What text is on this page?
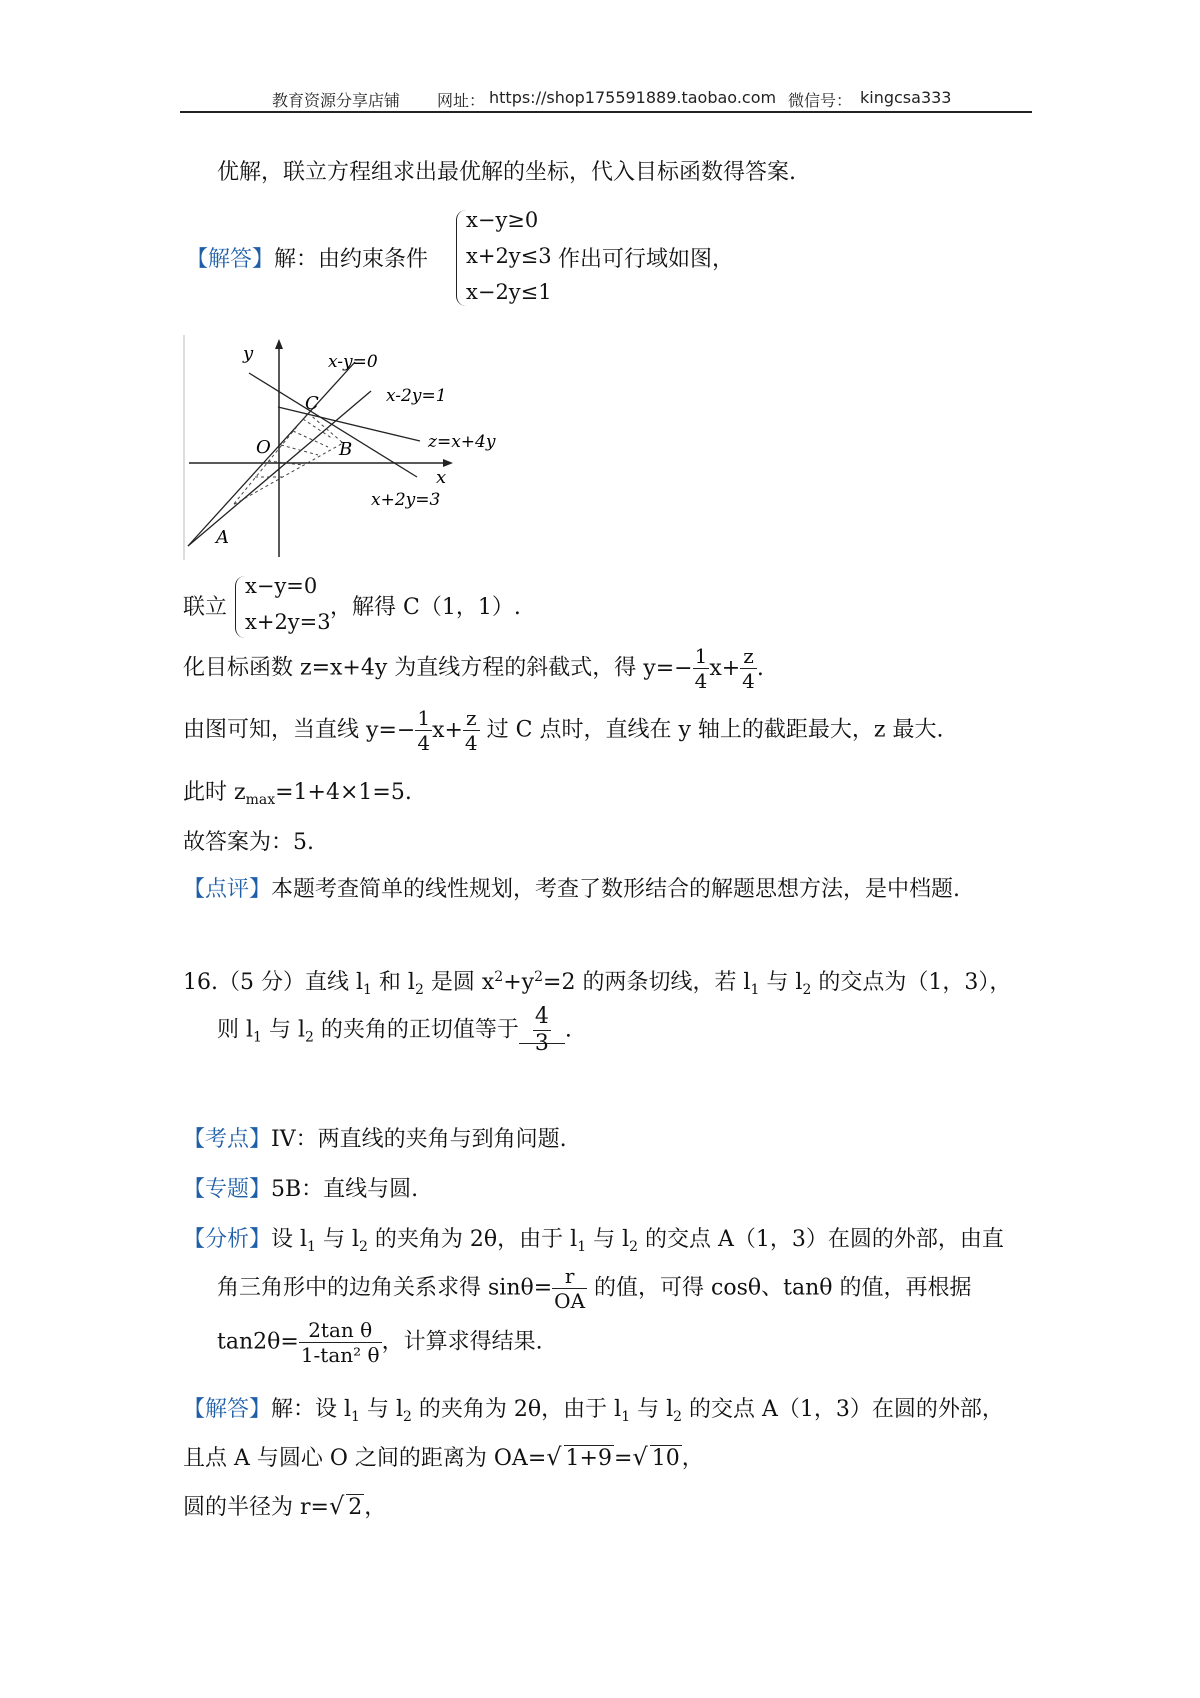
教育资源分享店铺 网址： https://shop175591889.taobao.com 微信号： kingcsa333
优解，联立方程组求出最优解的坐标，代入目标函数得答案.
【解答】解：由约束条件
x−y≥0
x+2y≤3
x−2y≤1
作出可行域如图，
y
x
O
C
B
A
x-y=0
x-2y=1
z=x+4y
x+2y=3
联立
x−y=0
x+2y=3
，解得 C（1，1）.
化目标函数 z=x+4y 为直线方程的斜截式，得 $y=- \frac{1}{4} x+ \frac{z}{4}$ .
由图可知，当直线 $y=- \frac{1}{4} x+ \frac{z}{4}$ 过 C 点时，直线在 y 轴上的截距最大，z 最大.
此时 $z_{max}=1+4\times 1=5$.
故答案为：5.
【点评】本题考查简单的线性规划，考查了数形结合的解题思想方法，是中档题.
16.（5 分）直线 $l_1$ 和 $l_2$ 是圆 $x^2+y^2=2$ 的两条切线，若 $l_1$ 与 $l_2$ 的交点为（1，3），
则 $l_1$ 与 $l_2$ 的夹角的正切值等于 $\frac{4}{3}$ .
【考点】IV：两直线的夹角与到角问题.
【专题】5B：直线与圆.
【分析】设 $l_1$ 与 $l_2$ 的夹角为 2θ，由于 $l_1$ 与 $l_2$ 的交点 A（1，3）在圆的外部，由直
角三角形中的边角关系求得 $\sin\theta= \frac{r}{OA}$ 的值，可得 cosθ、tanθ 的值，再根据
$\tan 2\theta= \frac{\text{2tan θ}}{\text{1-tan² θ}}$ ，计算求得结果.
【解答】解：设 $l_1$ 与 $l_2$ 的夹角为 2θ，由于 $l_1$ 与 $l_2$ 的交点 A（1，3）在圆的外部，
且点 A 与圆心 O 之间的距离为 OA=√ 1+9=√ 10，
圆的半径为 r=√ 2，
